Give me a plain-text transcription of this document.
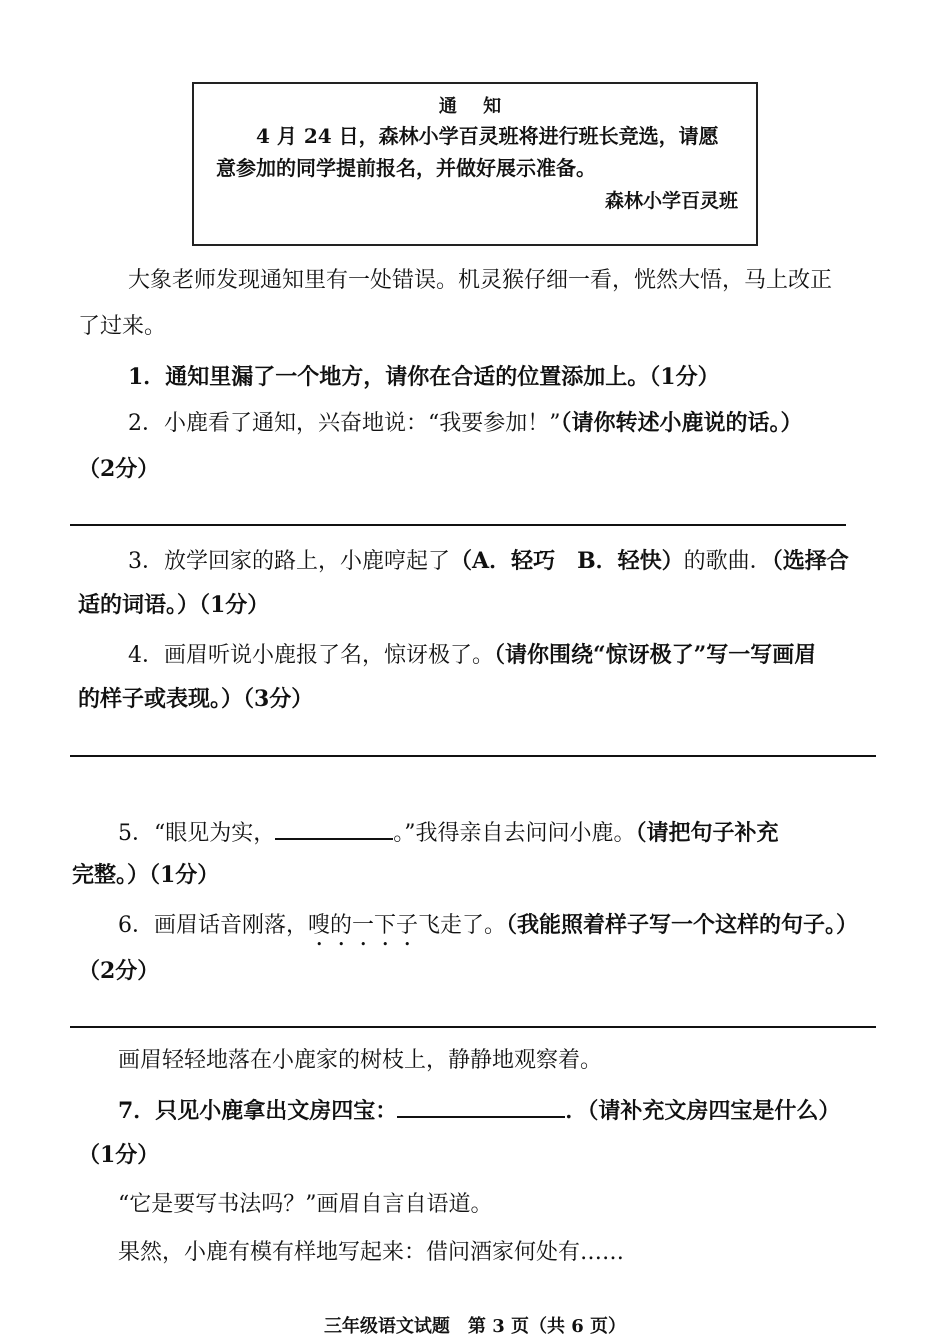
通 知
4 月 24 日，森林小学百灵班将进行班长竞选，请愿意参加的同学提前报名，并做好展示准备。
森林小学百灵班
大象老师发现通知里有一处错误。机灵猴仔细一看，恍然大悟，马上改正
了过来。
1．通知里漏了一个地方，请你在合适的位置添加上。（1分）
2．小鹿看了通知，兴奋地说：“我要参加！”（请你转述小鹿说的话。）
（2分）
3．放学回家的路上，小鹿哼起了（A．轻巧　B．轻快）的歌曲．（选择合
适的词语。）（1分）
4．画眉听说小鹿报了名，惊讶极了。（请你围绕“惊讶极了”写一写画眉
的样子或表现。）（3分）
5．“眼见为实，	。”我得亲自去问问小鹿。（请把句子补充
完整。）（1分）
6．画眉话音刚落，嗖的一下子飞走了。（我能照着样子写一个这样的句子。）
（2分）
画眉轻轻地落在小鹿家的树枝上，静静地观察着。
7．只见小鹿拿出文房四宝：	．（请补充文房四宝是什么）
（1分）
“它是要写书法吗？”画眉自言自语道。
果然，小鹿有模有样地写起来：借问酒家何处有……
三年级语文试题　第 3 页（共 6 页）
